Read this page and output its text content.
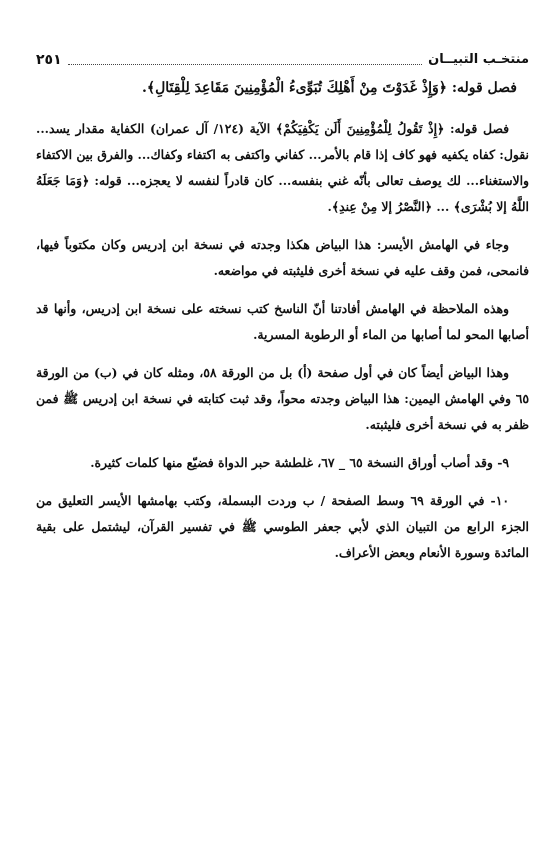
منتخـب التبيــان
٢٥١

فصل قوله: ﴿وَإِذْ غَدَوْتَ مِنْ أَهْلِكَ تُبَوِّىءُ الْمُؤْمِنِينَ مَقَاعِدَ لِلْقِتَالِ﴾.

فصل قوله: ﴿إِذْ تَقُولُ لِلْمُؤْمِنِينَ أَلَن يَكْفِيَكُمْ﴾ الآية (١٢٤/ آل عمران) الكفاية مقدار يسد... نقول: كفاه يكفيه فهو كاف إذا قام بالأمر... كفاني واكتفى به اكتفاء وكفاك... والفرق بين الاكتفاء والاستغناء... لك يوصف تعالى بأنّه غني بنفسه... كان قادراً لنفسه لا يعجزه... قوله: ﴿وَمَا جَعَلَهُ اللَّهُ إلا بُشْرَى﴾ ... ﴿النَّصْرُ إلا مِنْ عِندِ﴾.

وجاء في الهامش الأيسر: هذا البياض هكذا وجدته في نسخة ابن إدريس وكان مكتوباً فيها، فانمحى، فمن وقف عليه في نسخة أخرى فليثبته في مواضعه.

وهذه الملاحظة في الهامش أفادتنا أنّ الناسخ كتب نسخته على نسخة ابن إدريس، وأنها قد أصابها المحو لما أصابها من الماء أو الرطوبة المسرية.

وهذا البياض أيضاً كان في أول صفحة (أ) بل من الورقة ٥٨، ومثله كان في (ب) من الورقة ٦٥ وفي الهامش اليمين: هذا البياض وجدته محواً، وقد ثبت كتابته في نسخة ابن إدريس ﷺ فمن ظفر به في نسخة أخرى فليثبته.

٩- وقد أصاب أوراق النسخة ٦٥ _ ٦٧، غلطشة حبر الدواة فضيّع منها كلمات كثيرة.

١٠- في الورقة ٦٩ وسط الصفحة / ب وردت البسملة، وكتب بهامشها الأيسر التعليق من الجزء الرابع من التبيان الذي لأبي جعفر الطوسي ﷺ في تفسير القرآن، ليشتمل على بقية المائدة وسورة الأنعام وبعض الأعراف.
